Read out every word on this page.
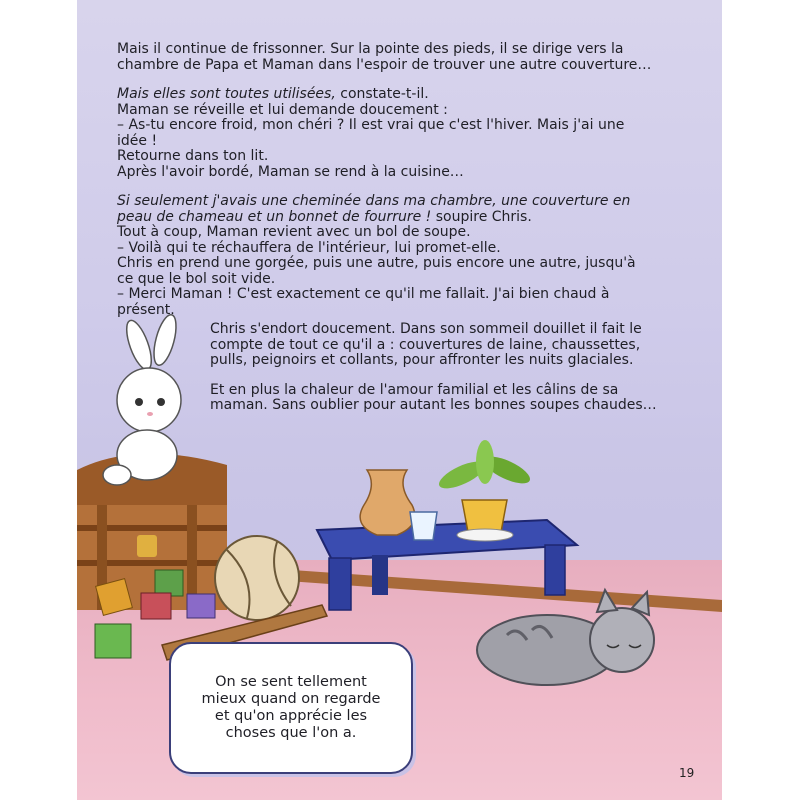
Mais il continue de frissonner. Sur la pointe des pieds, il se dirige vers la
chambre de Papa et Maman dans l'espoir de trouver une autre couverture…

Mais elles sont toutes utilisées, constate-t-il.
Maman se réveille et lui demande doucement :
– As-tu encore froid, mon chéri ? Il est vrai que c'est l'hiver. Mais j'ai une
idée !
Retourne dans ton lit.
Après l'avoir bordé, Maman se rend à la cuisine…

Si seulement j'avais une cheminée dans ma chambre, une couverture en
peau de chameau et un bonnet de fourrure ! soupire Chris.
Tout à coup, Maman revient avec un bol de soupe.
– Voilà qui te réchauffera de l'intérieur, lui promet-elle.
Chris en prend une gorgée, puis une autre, puis encore une autre, jusqu'à
ce que le bol soit vide.
– Merci Maman ! C'est exactement ce qu'il me fallait. J'ai bien chaud à
présent.

Chris s'endort doucement. Dans son sommeil douillet il fait le
compte de tout ce qu'il a : couvertures de laine, chaussettes,
pulls, peignoirs et collants, pour affronter les nuits glaciales.

Et en plus la chaleur de l'amour familial et les câlins de sa
maman. Sans oublier pour autant les bonnes soupes chaudes…

On se sent tellement
mieux quand on regarde
et qu'on apprécie les
choses que l'on a.
19
